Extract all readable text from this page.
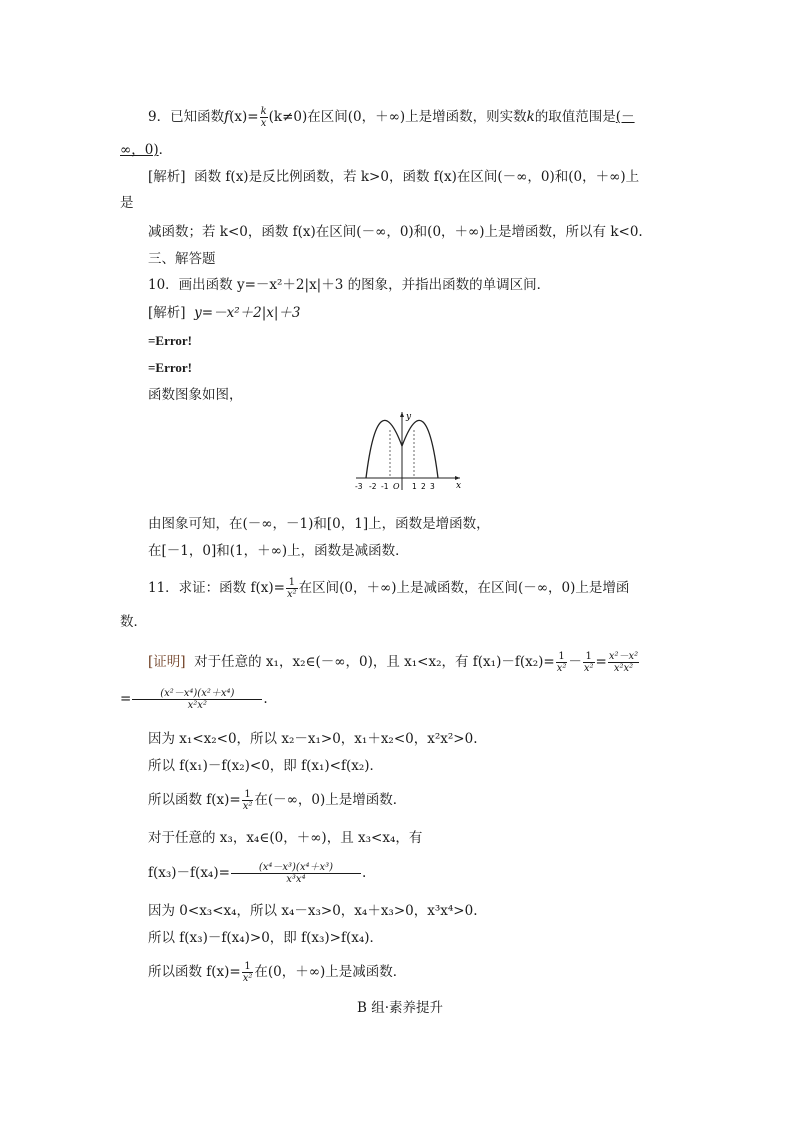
9．已知函数$f(x)= \frac{k}{x} (k\ne 0)$在区间(0，＋∞)上是增函数，则实数k的取值范围是(－
∞，0)．
[解析] 函数 f(x)是反比例函数，若 k>0，函数 f(x)在区间(－∞，0)和(0，＋∞)上
是
减函数；若 k<0，函数 f(x)在区间(－∞，0)和(0，＋∞)上是增函数，所以有 k<0.
三、解答题
10．画出函数 y=－x²＋2|x|＋3 的图象，并指出函数的单调区间．
[解析] y=－x²＋2|x|＋3
=Error!
=Error!
函数图象如图，
y
x
O
-3 -2 -1	1 2 3
由图象可知，在(－∞，－1)和[0，1]上，函数是增函数，
在[－1，0]和(1，＋∞)上，函数是减函数．
11．求证：函数 $f(x)= \frac{1}{\text{x²}}$ 在区间(0，＋∞)上是减函数，在区间(－∞，0)上是增函
数．
[证明] 对于任意的 x₁，x₂∈(－∞，0)，且 x₁<x₂，有 $f(x_1)-f(x_2)= \frac{1}{\text{x²}} - \frac{1}{\text{x²}} = \frac{\text{x²－x²}}{\text{x²x²}}$
= $\frac{\text{(x²－x⁴)(x²＋x⁴)}}{\text{x²x²}}$ .
因为 x₁<x₂<0，所以 x₂－x₁>0，x₁＋x₂<0，x²x²>0.
所以 f(x₁)－f(x₂)<0，即 f(x₁)<f(x₂)．
所以函数 $f(x)= \frac{1}{\text{x²}}$ 在(－∞，0)上是增函数．
对于任意的 x₃，x₄∈(0，＋∞)，且 x₃<x₄，有
$f(x_3)-f(x_4)= \frac{\text{(x⁴－x³)(x⁴＋x³)}}{\text{x³x⁴}}$ .
因为 0<x₃<x₄，所以 x₄－x₃>0，x₄＋x₃>0，x³x⁴>0.
所以 f(x₃)－f(x₄)>0，即 f(x₃)>f(x₄)．
所以函数 $f(x)= \frac{1}{\text{x²}}$ 在(0，＋∞)上是减函数．
B 组·素养提升
